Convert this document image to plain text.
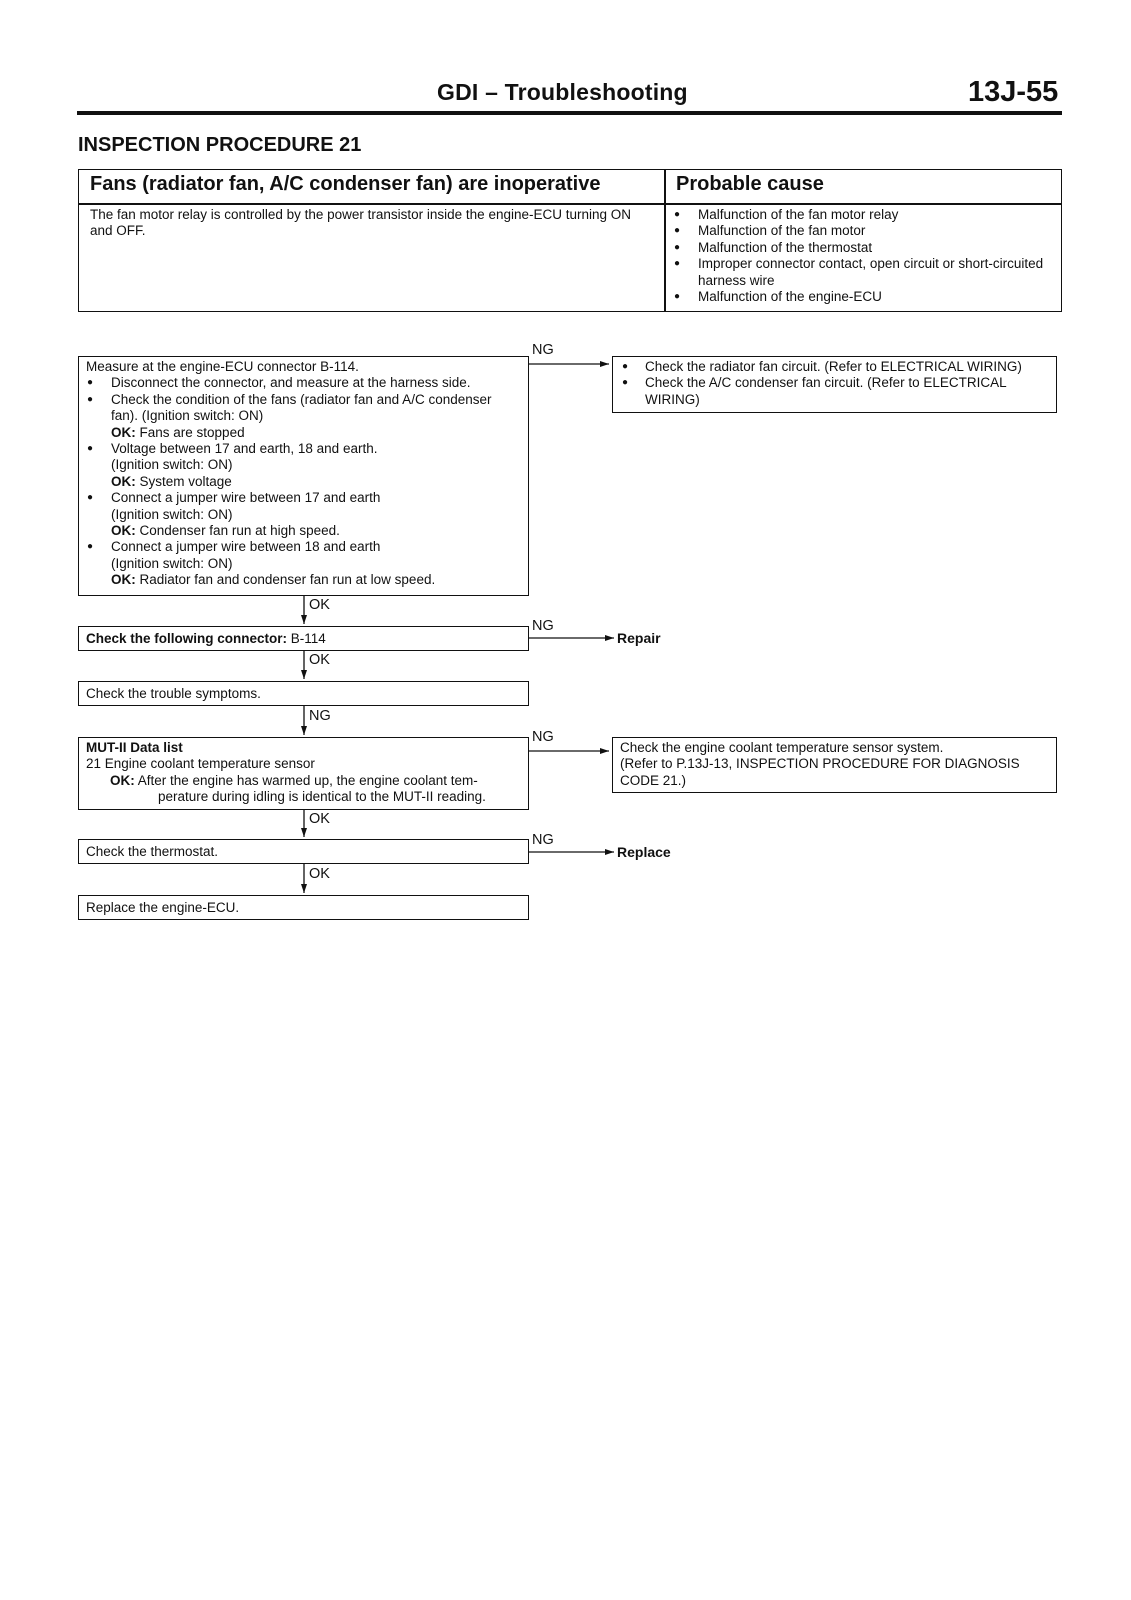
GDI – Troubleshooting	13J-55
INSPECTION PROCEDURE 21
Fans (radiator fan, A/C condenser fan) are inoperative	Probable cause
The fan motor relay is controlled by the power transistor inside the engine-ECU turning ON and OFF.
● Malfunction of the fan motor relay
● Malfunction of the fan motor
● Malfunction of the thermostat
● Improper connector contact, open circuit or short-circuited harness wire
● Malfunction of the engine-ECU
Measure at the engine-ECU connector B-114.
● Disconnect the connector, and measure at the harness side.
● Check the condition of the fans (radiator fan and A/C condenser fan). (Ignition switch: ON)
OK: Fans are stopped
● Voltage between 17 and earth, 18 and earth.
(Ignition switch: ON)
OK: System voltage
● Connect a jumper wire between 17 and earth
(Ignition switch: ON)
OK: Condenser fan run at high speed.
● Connect a jumper wire between 18 and earth
(Ignition switch: ON)
OK: Radiator fan and condenser fan run at low speed.
NG
● Check the radiator fan circuit. (Refer to ELECTRICAL WIRING)
● Check the A/C condenser fan circuit. (Refer to ELECTRICAL WIRING)
OK
Check the following connector: B-114
NG
Repair
OK
Check the trouble symptoms.
NG
MUT-II Data list
21 Engine coolant temperature sensor
OK: After the engine has warmed up, the engine coolant tem-
perature during idling is identical to the MUT-II reading.
NG
Check the engine coolant temperature sensor system.
(Refer to P.13J-13, INSPECTION PROCEDURE FOR DIAGNOSIS
CODE 21.)
OK
Check the thermostat.
NG
Replace
OK
Replace the engine-ECU.
